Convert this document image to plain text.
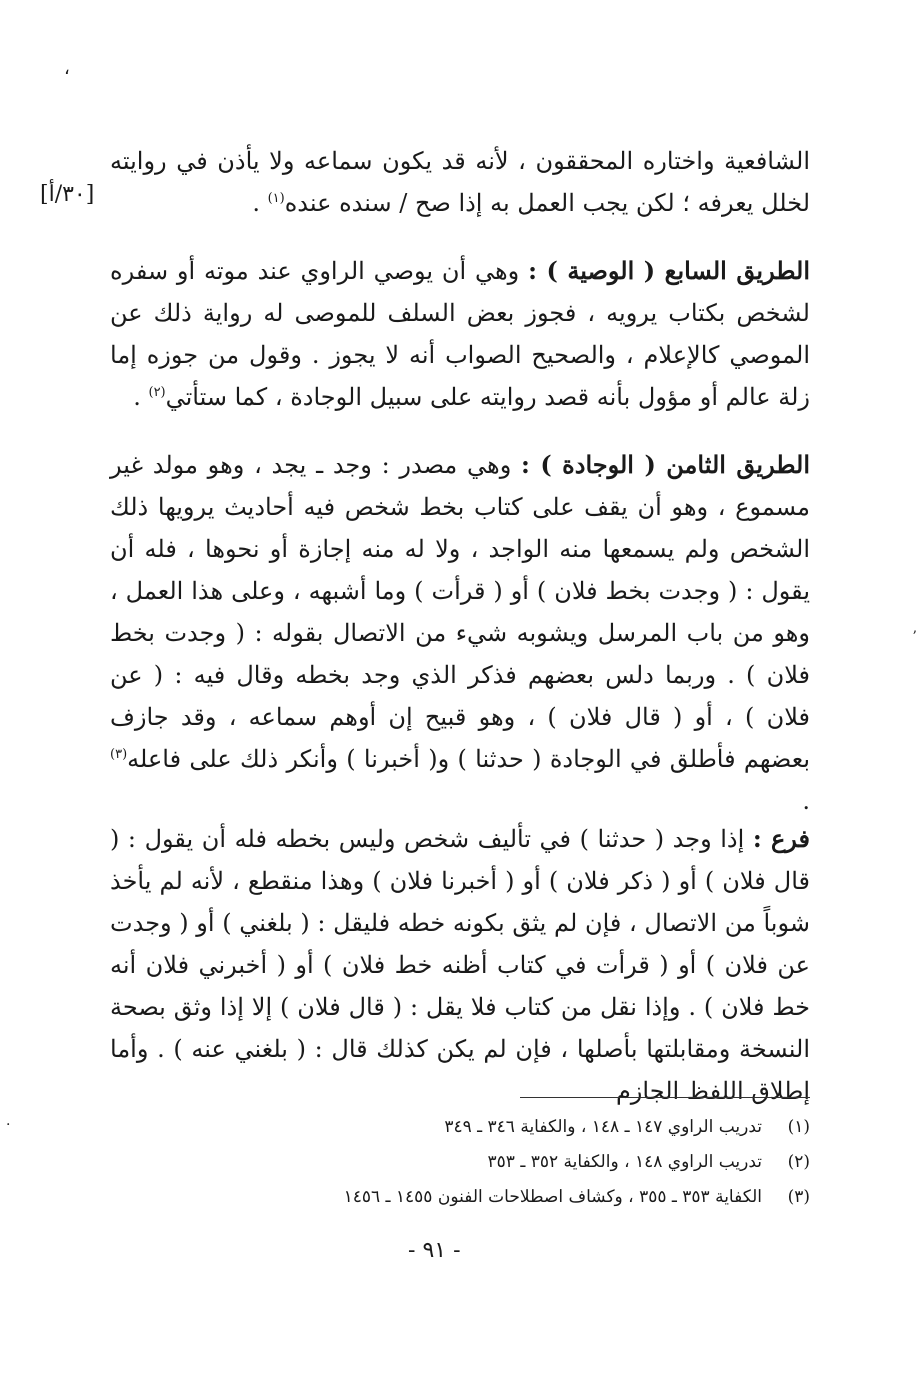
،
ʼ
·
[٣٠/أ]

الشافعية واختاره المحققون ، لأنه قد يكون سماعه ولا يأذن في روايته لخلل يعرفه ؛ لكن يجب العمل به إذا صح / سنده عنده$^{(١)}$ .

الطريق السابع ( الوصية ) : وهي أن يوصي الراوي عند موته أو سفره لشخص بكتاب يرويه ، فجوز بعض السلف للموصى له رواية ذلك عن الموصي كالإعلام ، والصحيح الصواب أنه لا يجوز . وقول من جوزه إما زلة عالم أو مؤول بأنه قصد روايته على سبيل الوجادة ، كما ستأتي$^{(٢)}$ .

الطريق الثامن ( الوجادة ) : وهي مصدر : وجد ـ يجد ، وهو مولد غير مسموع ، وهو أن يقف على كتاب بخط شخص فيه أحاديث يرويها ذلك الشخص ولم يسمعها منه الواجد ، ولا له منه إجازة أو نحوها ، فله أن يقول : ( وجدت بخط فلان ) أو ( قرأت ) وما أشبهه ، وعلى هذا العمل ، وهو من باب المرسل ويشوبه شيء من الاتصال بقوله : ( وجدت بخط فلان ) . وربما دلس بعضهم فذكر الذي وجد بخطه وقال فيه : ( عن فلان ) ، أو ( قال فلان ) ، وهو قبيح إن أوهم سماعه ، وقد جازف بعضهم فأطلق في الوجادة ( حدثنا ) و( أخبرنا ) وأنكر ذلك على فاعله$^{(٣)}$ .

فرع : إذا وجد ( حدثنا ) في تأليف شخص وليس بخطه فله أن يقول : ( قال فلان ) أو ( ذكر فلان ) أو ( أخبرنا فلان ) وهذا منقطع ، لأنه لم يأخذ شوباً من الاتصال ، فإن لم يثق بكونه خطه فليقل : ( بلغني ) أو ( وجدت عن فلان ) أو ( قرأت في كتاب أظنه خط فلان ) أو ( أخبرني فلان أنه خط فلان ) . وإذا نقل من كتاب فلا يقل : ( قال فلان ) إلا إذا وثق بصحة النسخة ومقابلتها بأصلها ، فإن لم يكن كذلك قال : ( بلغني عنه ) . وأما إطلاق اللفظ الجازم

(١)
تدريب الراوي ١٤٧ ـ ١٤٨ ، والكفاية ٣٤٦ ـ ٣٤٩
(٢)
تدريب الراوي ١٤٨ ، والكفاية ٣٥٢ ـ ٣٥٣
(٣)
الكفاية ٣٥٣ ـ ٣٥٥ ، وكشاف اصطلاحات الفنون ١٤٥٥ ـ ١٤٥٦
- ٩١ -
